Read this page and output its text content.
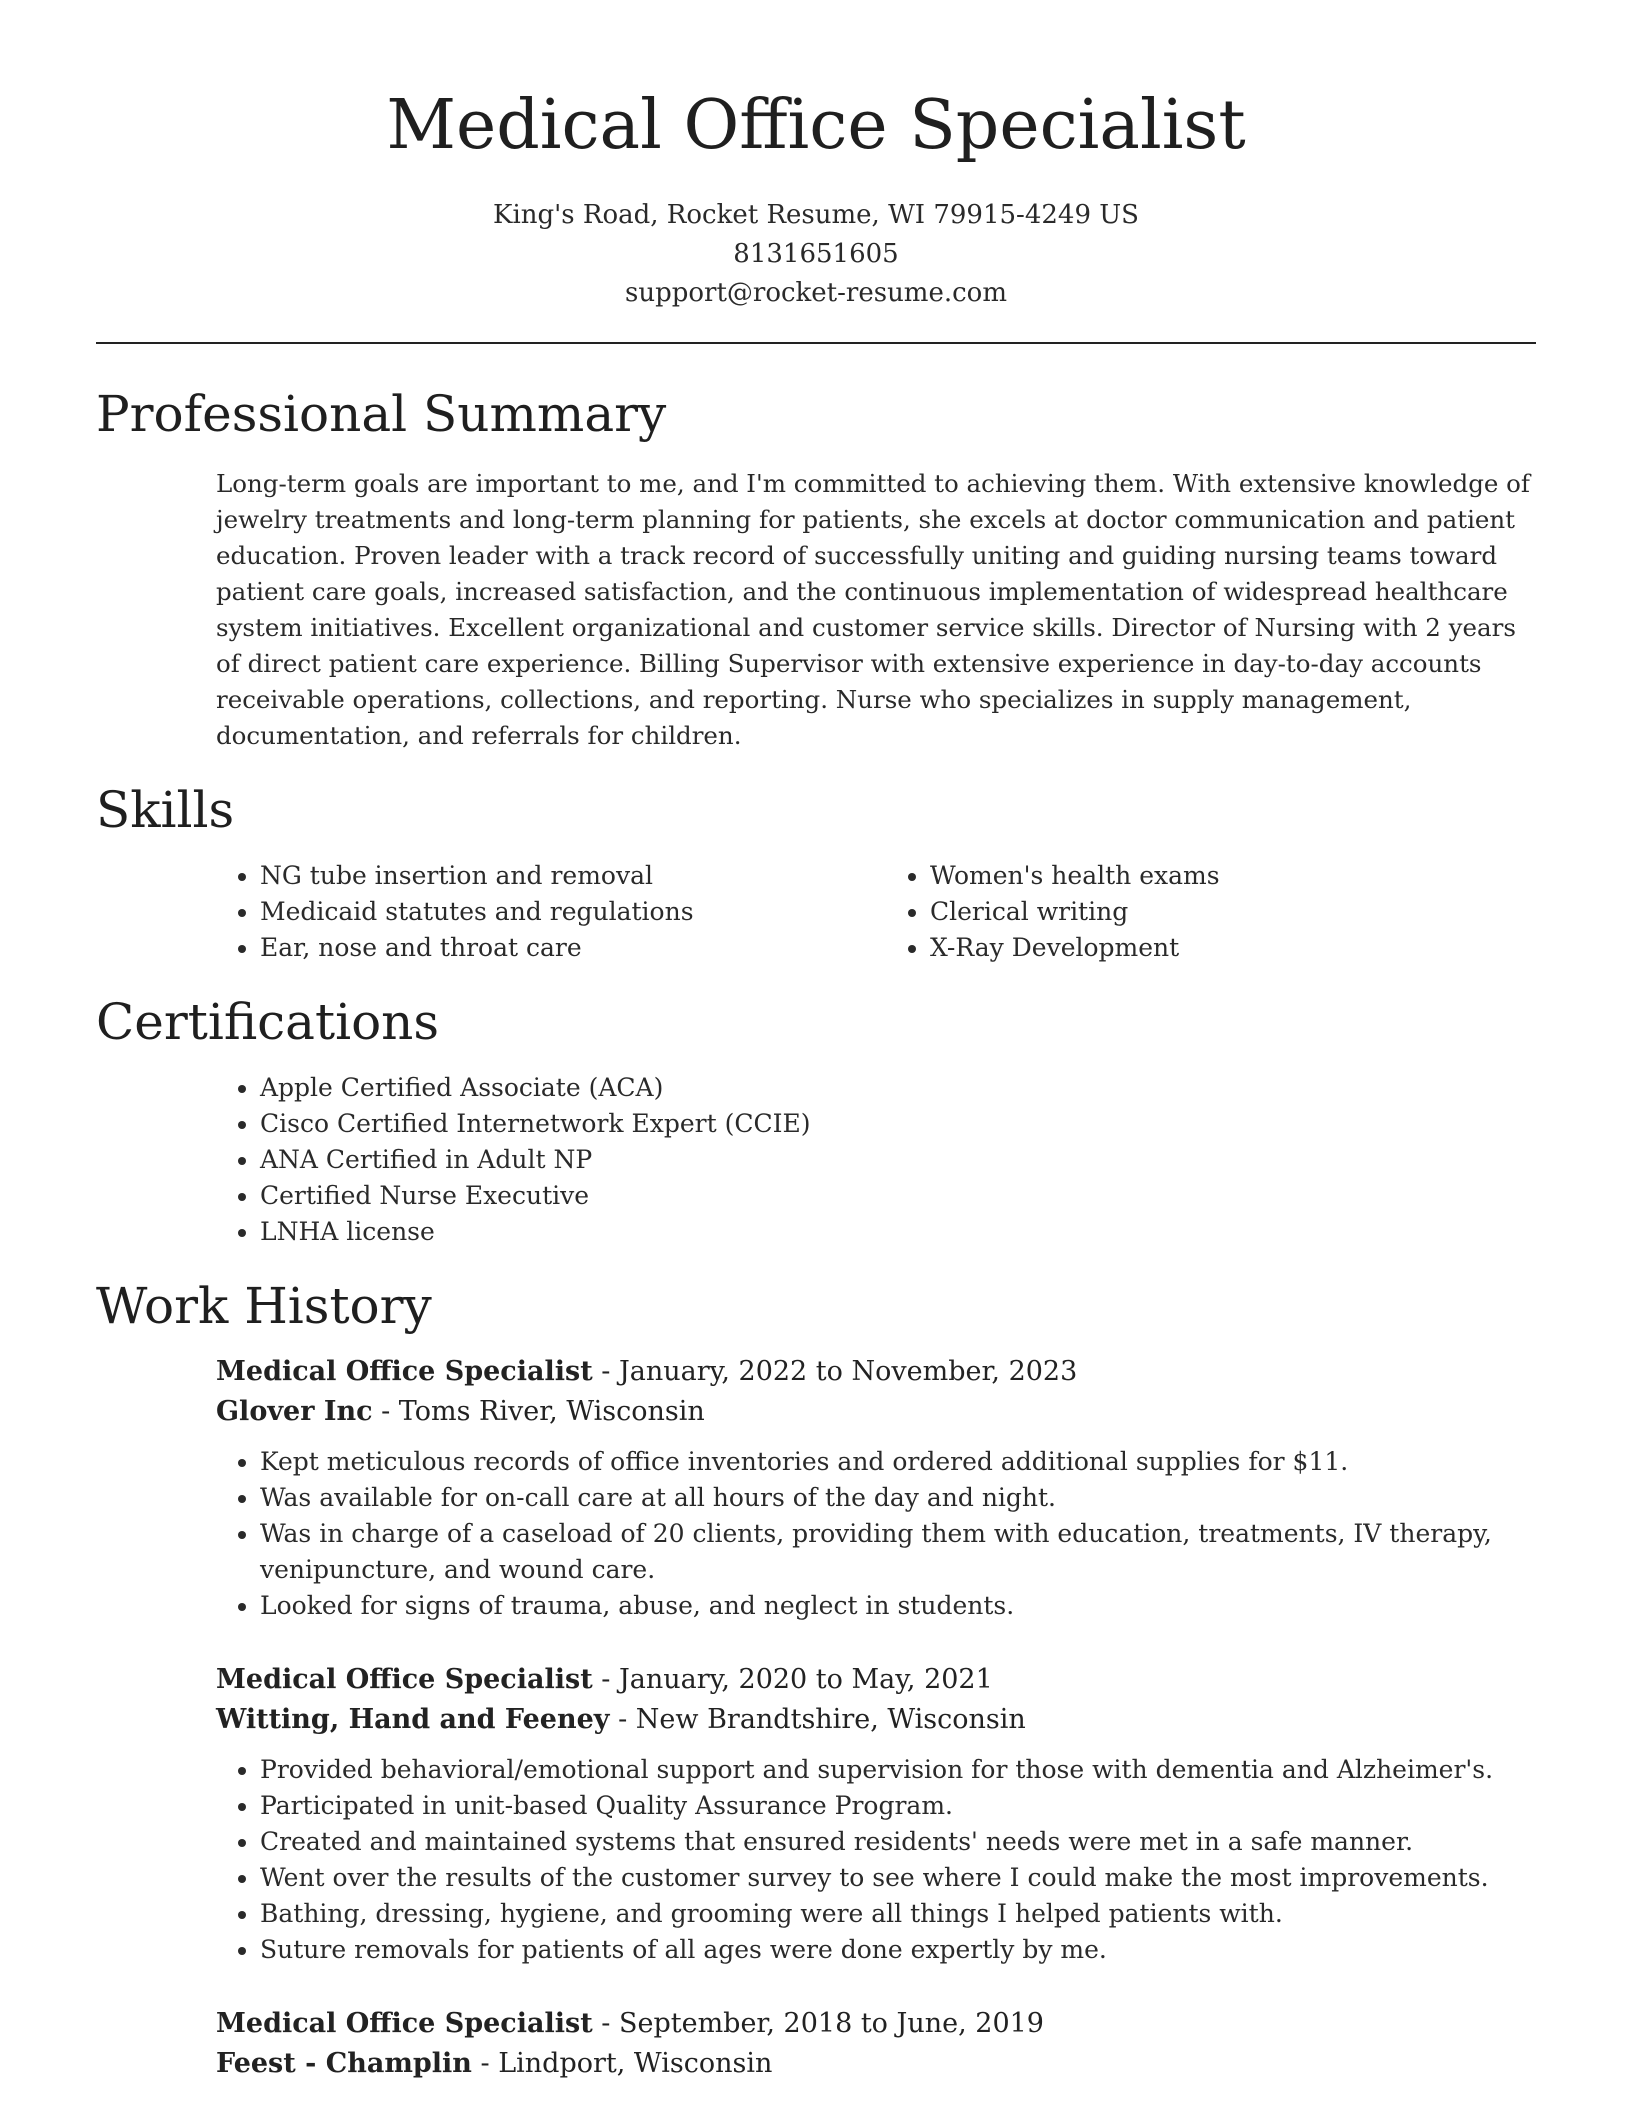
Medical Office Specialist
King's Road, Rocket Resume, WI 79915-4249 US
8131651605
support@rocket-resume.com
Professional Summary

Long-term goals are important to me, and I'm committed to achieving them. With extensive knowledge of jewelry treatments and long-term planning for patients, she excels at doctor communication and patient education. Proven leader with a track record of successfully uniting and guiding nursing teams toward patient care goals, increased satisfaction, and the continuous implementation of widespread healthcare system initiatives. Excellent organizational and customer service skills. Director of Nursing with 2 years of direct patient care experience. Billing Supervisor with extensive experience in day-to-day accounts receivable operations, collections, and reporting. Nurse who specializes in supply management, documentation, and referrals for children.

Skills
• NG tube insertion and removal
• Medicaid statutes and regulations
• Ear, nose and throat care
• Women's health exams
• Clerical writing
• X-Ray Development
Certifications
• Apple Certified Associate (ACA)
• Cisco Certified Internetwork Expert (CCIE)
• ANA Certified in Adult NP
• Certified Nurse Executive
• LNHA license
Work History
Medical Office Specialist - January, 2022 to November, 2023
Glover Inc - Toms River, Wisconsin
• Kept meticulous records of office inventories and ordered additional supplies for $11.
• Was available for on-call care at all hours of the day and night.
• Was in charge of a caseload of 20 clients, providing them with education, treatments, IV therapy, venipuncture, and wound care.
• Looked for signs of trauma, abuse, and neglect in students.
Medical Office Specialist - January, 2020 to May, 2021
Witting, Hand and Feeney - New Brandtshire, Wisconsin
• Provided behavioral/emotional support and supervision for those with dementia and Alzheimer's.
• Participated in unit-based Quality Assurance Program.
• Created and maintained systems that ensured residents' needs were met in a safe manner.
• Went over the results of the customer survey to see where I could make the most improvements.
• Bathing, dressing, hygiene, and grooming were all things I helped patients with.
• Suture removals for patients of all ages were done expertly by me.
Medical Office Specialist - September, 2018 to June, 2019
Feest - Champlin - Lindport, Wisconsin
